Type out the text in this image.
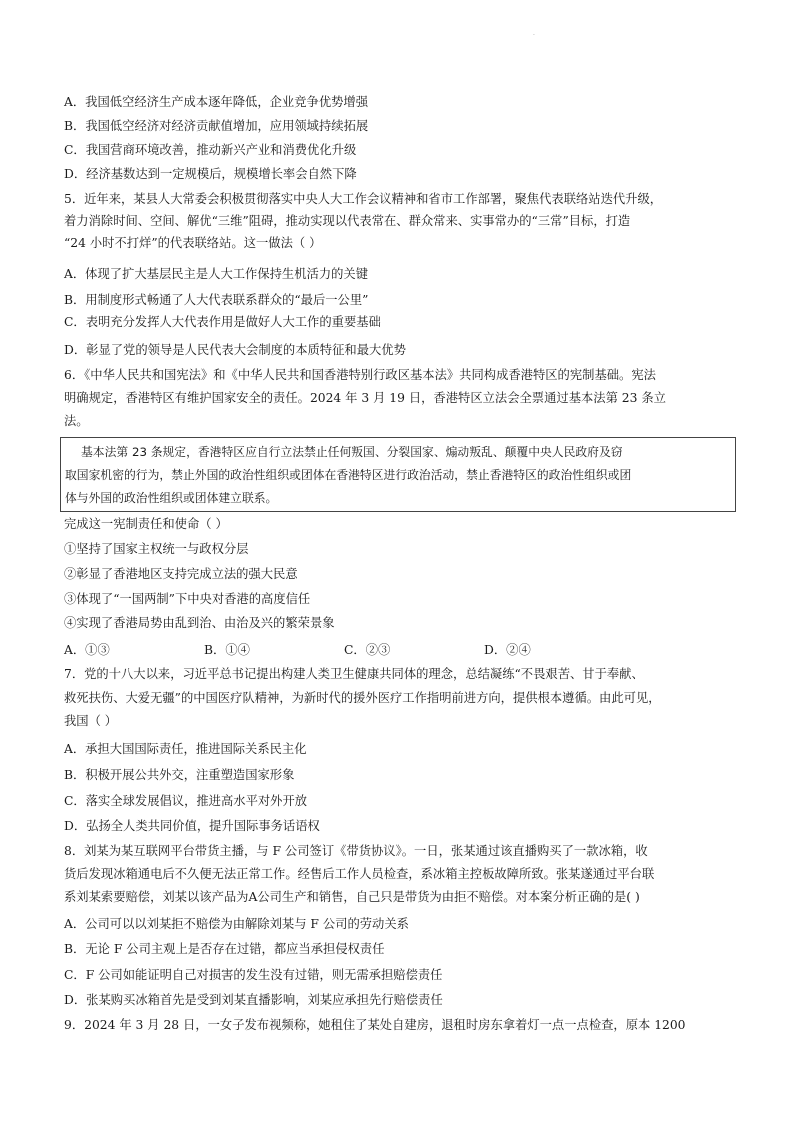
·
A．我国低空经济生产成本逐年降低，企业竞争优势增强
B．我国低空经济对经济贡献值增加，应用领域持续拓展
C．我国营商环境改善，推动新兴产业和消费优化升级
D．经济基数达到一定规模后，规模增长率会自然下降
5．近年来，某县人大常委会积极贯彻落实中央人大工作会议精神和省市工作部署，聚焦代表联络站迭代升级，
着力消除时间、空间、解优“三维”阻碍，推动实现以代表常在、群众常来、实事常办的“三常”目标，打造
“24 小时不打烊”的代表联络站。这一做法（ ）
A．体现了扩大基层民主是人大工作保持生机活力的关键
B．用制度形式畅通了人大代表联系群众的“最后一公里”
C．表明充分发挥人大代表作用是做好人大工作的重要基础
D．彰显了党的领导是人民代表大会制度的本质特征和最大优势
6．《中华人民共和国宪法》和《中华人民共和国香港特别行政区基本法》共同构成香港特区的宪制基础。宪法
明确规定，香港特区有维护国家安全的责任。2024 年 3 月 19 日，香港特区立法会全票通过基本法第 23 条立
法。
基本法第 23 条规定，香港特区应自行立法禁止任何叛国、分裂国家、煽动叛乱、颠覆中央人民政府及窃
取国家机密的行为，禁止外国的政治性组织或团体在香港特区进行政治活动，禁止香港特区的政治性组织或团
体与外国的政治性组织或团体建立联系。
完成这一宪制责任和使命（ ）
①坚持了国家主权统一与政权分层
②彰显了香港地区支持完成立法的强大民意
③体现了“一国两制”下中央对香港的高度信任
④实现了香港局势由乱到治、由治及兴的繁荣景象
A．①③	B．①④	C．②③	D．②④
7．党的十八大以来，习近平总书记提出构建人类卫生健康共同体的理念，总结凝练“不畏艰苦、甘于奉献、
救死扶伤、大爱无疆”的中国医疗队精神，为新时代的援外医疗工作指明前进方向，提供根本遵循。由此可见，
我国（ ）
A．承担大国国际责任，推进国际关系民主化
B．积极开展公共外交，注重塑造国家形象
C．落实全球发展倡议，推进高水平对外开放
D．弘扬全人类共同价值，提升国际事务话语权
8．刘某为某互联网平台带货主播，与 F 公司签订《带货协议》。一日，张某通过该直播购买了一款冰箱，收
货后发现冰箱通电后不久便无法正常工作。经售后工作人员检查，系冰箱主控板故障所致。张某遂通过平台联
系刘某索要赔偿，刘某以该产品为A公司生产和销售，自己只是带货为由拒不赔偿。对本案分析正确的是( )
A．公司可以以刘某拒不赔偿为由解除刘某与 F 公司的劳动关系
B．无论 F 公司主观上是否存在过错，都应当承担侵权责任
C．F 公司如能证明自己对损害的发生没有过错，则无需承担赔偿责任
D．张某购买冰箱首先是受到刘某直播影响，刘某应承担先行赔偿责任
9．2024 年 3 月 28 日，一女子发布视频称，她租住了某处自建房，退租时房东拿着灯一点一点检查，原本 1200
